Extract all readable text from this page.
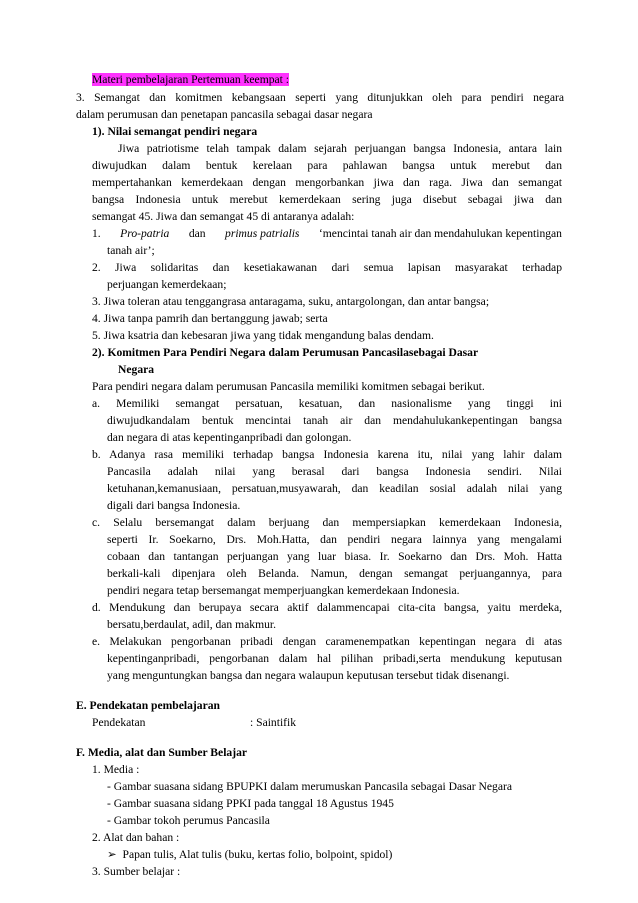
Materi pembelajaran Pertemuan keempat :
3. Semangat dan komitmen kebangsaan seperti yang ditunjukkan oleh para pendiri negara
dalam perumusan dan penetapan pancasila sebagai dasar negara
1). Nilai semangat pendiri negara
Jiwa patriotisme telah tampak dalam sejarah perjuangan bangsa Indonesia, antara lain
diwujudkan dalam bentuk kerelaan para pahlawan bangsa untuk merebut dan
mempertahankan kemerdekaan dengan mengorbankan jiwa dan raga. Jiwa dan semangat
bangsa Indonesia untuk merebut kemerdekaan sering juga disebut sebagai jiwa dan
semangat 45. Jiwa dan semangat 45 di antaranya adalah:
1. Pro-patria dan primus patrialis ‘mencintai tanah air dan mendahulukan kepentingan
tanah air’;
2. Jiwa solidaritas dan kesetiakawanan dari semua lapisan masyarakat terhadap
perjuangan kemerdekaan;
3. Jiwa toleran atau tenggangrasa antaragama, suku, antargolongan, dan antar bangsa;
4. Jiwa tanpa pamrih dan bertanggung jawab; serta
5. Jiwa ksatria dan kebesaran jiwa yang tidak mengandung balas dendam.
2). Komitmen Para Pendiri Negara dalam Perumusan Pancasilasebagai Dasar
Negara
Para pendiri negara dalam perumusan Pancasila memiliki komitmen sebagai berikut.
a. Memiliki semangat persatuan, kesatuan, dan nasionalisme yang tinggi ini
diwujudkandalam bentuk mencintai tanah air dan mendahulukankepentingan bangsa
dan negara di atas kepentinganpribadi dan golongan.
b. Adanya rasa memiliki terhadap bangsa Indonesia karena itu, nilai yang lahir dalam
Pancasila adalah nilai yang berasal dari bangsa Indonesia sendiri. Nilai
ketuhanan,kemanusiaan, persatuan,musyawarah, dan keadilan sosial adalah nilai yang
digali dari bangsa Indonesia.
c. Selalu bersemangat dalam berjuang dan mempersiapkan kemerdekaan Indonesia,
seperti Ir. Soekarno, Drs. Moh.Hatta, dan pendiri negara lainnya yang mengalami
cobaan dan tantangan perjuangan yang luar biasa. Ir. Soekarno dan Drs. Moh. Hatta
berkali-kali dipenjara oleh Belanda. Namun, dengan semangat perjuangannya, para
pendiri negara tetap bersemangat memperjuangkan kemerdekaan Indonesia.
d. Mendukung dan berupaya secara aktif dalammencapai cita-cita bangsa, yaitu merdeka,
bersatu,berdaulat, adil, dan makmur.
e. Melakukan pengorbanan pribadi dengan caramenempatkan kepentingan negara di atas
kepentinganpribadi, pengorbanan dalam hal pilihan pribadi,serta mendukung keputusan
yang menguntungkan bangsa dan negara walaupun keputusan tersebut tidak disenangi.
E. Pendekatan pembelajaran
Pendekatan	: Saintifik
F. Media, alat dan Sumber Belajar
1. Media :
- Gambar suasana sidang BPUPKI dalam merumuskan Pancasila sebagai Dasar Negara
- Gambar suasana sidang PPKI pada tanggal 18 Agustus 1945
- Gambar tokoh perumus Pancasila
2. Alat dan bahan :
➢ Papan tulis, Alat tulis (buku, kertas folio, bolpoint, spidol)
3. Sumber belajar :
